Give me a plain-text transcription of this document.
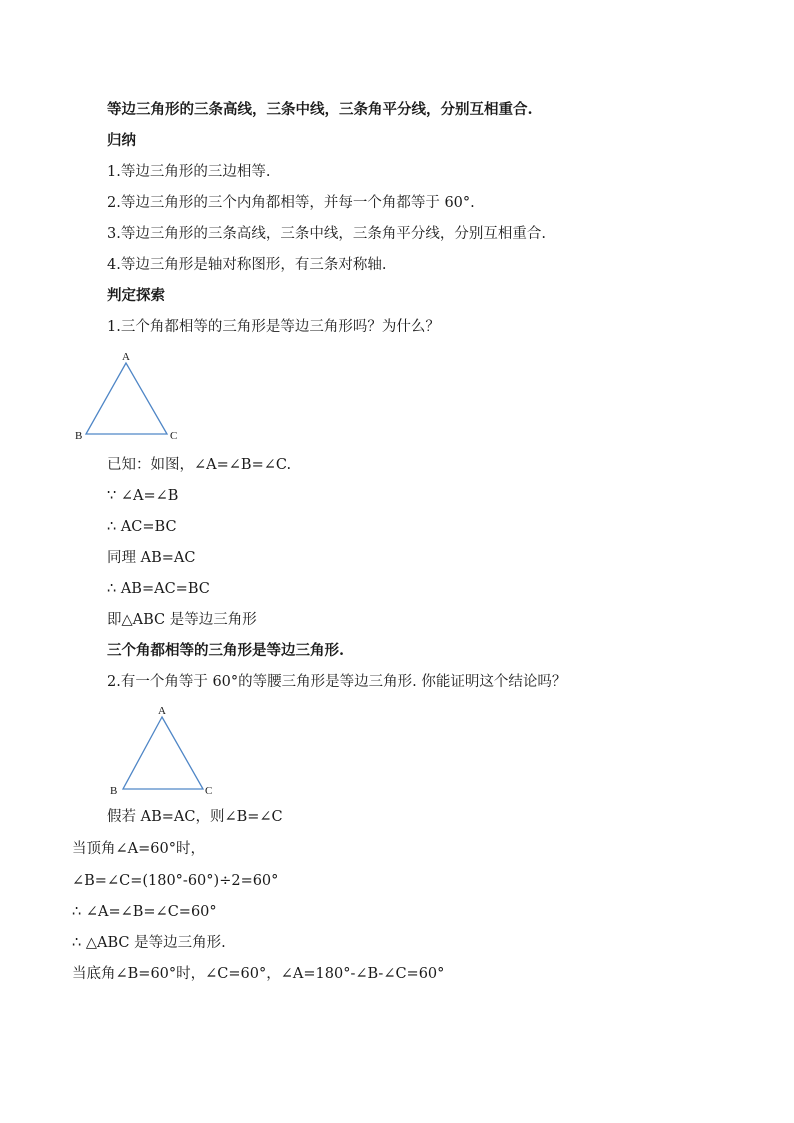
等边三角形的三条高线，三条中线，三条角平分线，分别互相重合.
归纳
1.等边三角形的三边相等.
2.等边三角形的三个内角都相等，并每一个角都等于 60°.
3.等边三角形的三条高线，三条中线，三条角平分线，分别互相重合.
4.等边三角形是轴对称图形，有三条对称轴.
判定探索
1.三个角都相等的三角形是等边三角形吗？为什么？
A
B	C
已知：如图，∠A=∠B=∠C.
∵ ∠A=∠B
∴ AC=BC
同理 AB=AC
∴ AB=AC=BC
即△ABC 是等边三角形
三个角都相等的三角形是等边三角形.
2.有一个角等于 60°的等腰三角形是等边三角形. 你能证明这个结论吗？
A
B	C
假若 AB=AC，则∠B=∠C
当顶角∠A=60°时，
∠B=∠C=(180°-60°)÷2=60°
∴ ∠A=∠B=∠C=60°
∴ △ABC 是等边三角形.
当底角∠B=60°时，∠C=60°，∠A=180°-∠B-∠C=60°
